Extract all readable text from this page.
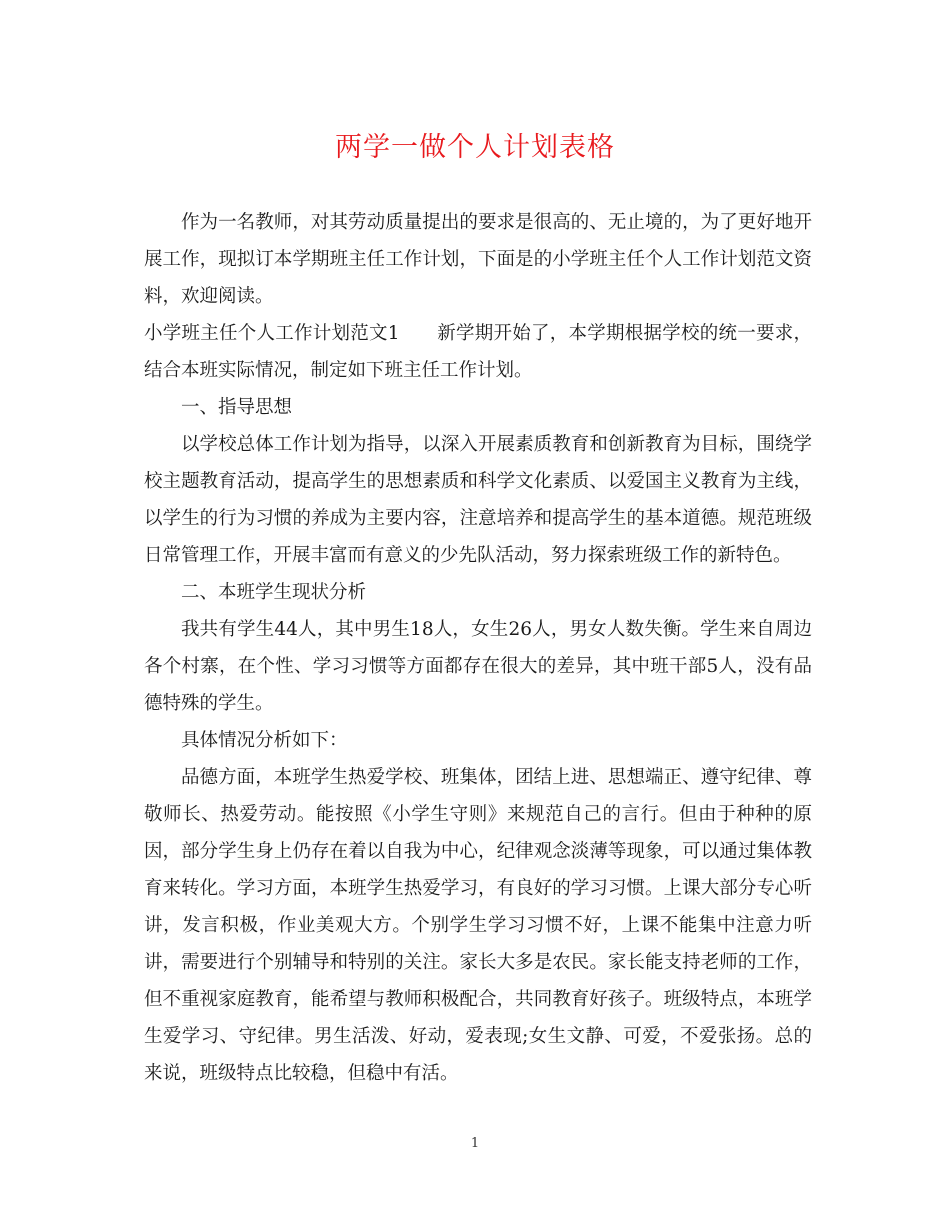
两学一做个人计划表格

作为一名教师，对其劳动质量提出的要求是很高的、无止境的，为了更好地开展工作，现拟订本学期班主任工作计划，下面是的小学班主任个人工作计划范文资料，欢迎阅读。

小学班主任个人工作计划范文1　　新学期开始了，本学期根据学校的统一要求，结合本班实际情况，制定如下班主任工作计划。

一、指导思想

以学校总体工作计划为指导，以深入开展素质教育和创新教育为目标，围绕学校主题教育活动，提高学生的思想素质和科学文化素质、以爱国主义教育为主线，以学生的行为习惯的养成为主要内容，注意培养和提高学生的基本道德。规范班级日常管理工作，开展丰富而有意义的少先队活动，努力探索班级工作的新特色。

二、本班学生现状分析

我共有学生44人，其中男生18人，女生26人，男女人数失衡。学生来自周边各个村寨，在个性、学习习惯等方面都存在很大的差异，其中班干部5人，没有品德特殊的学生。

具体情况分析如下：

品德方面，本班学生热爱学校、班集体，团结上进、思想端正、遵守纪律、尊敬师长、热爱劳动。能按照《小学生守则》来规范自己的言行。但由于种种的原因，部分学生身上仍存在着以自我为中心，纪律观念淡薄等现象，可以通过集体教育来转化。学习方面，本班学生热爱学习，有良好的学习习惯。上课大部分专心听讲，发言积极，作业美观大方。个别学生学习习惯不好，上课不能集中注意力听讲，需要进行个别辅导和特别的关注。家长大多是农民。家长能支持老师的工作，但不重视家庭教育，能希望与教师积极配合，共同教育好孩子。班级特点，本班学生爱学习、守纪律。男生活泼、好动，爱表现;女生文静、可爱，不爱张扬。总的来说，班级特点比较稳，但稳中有活。

1
